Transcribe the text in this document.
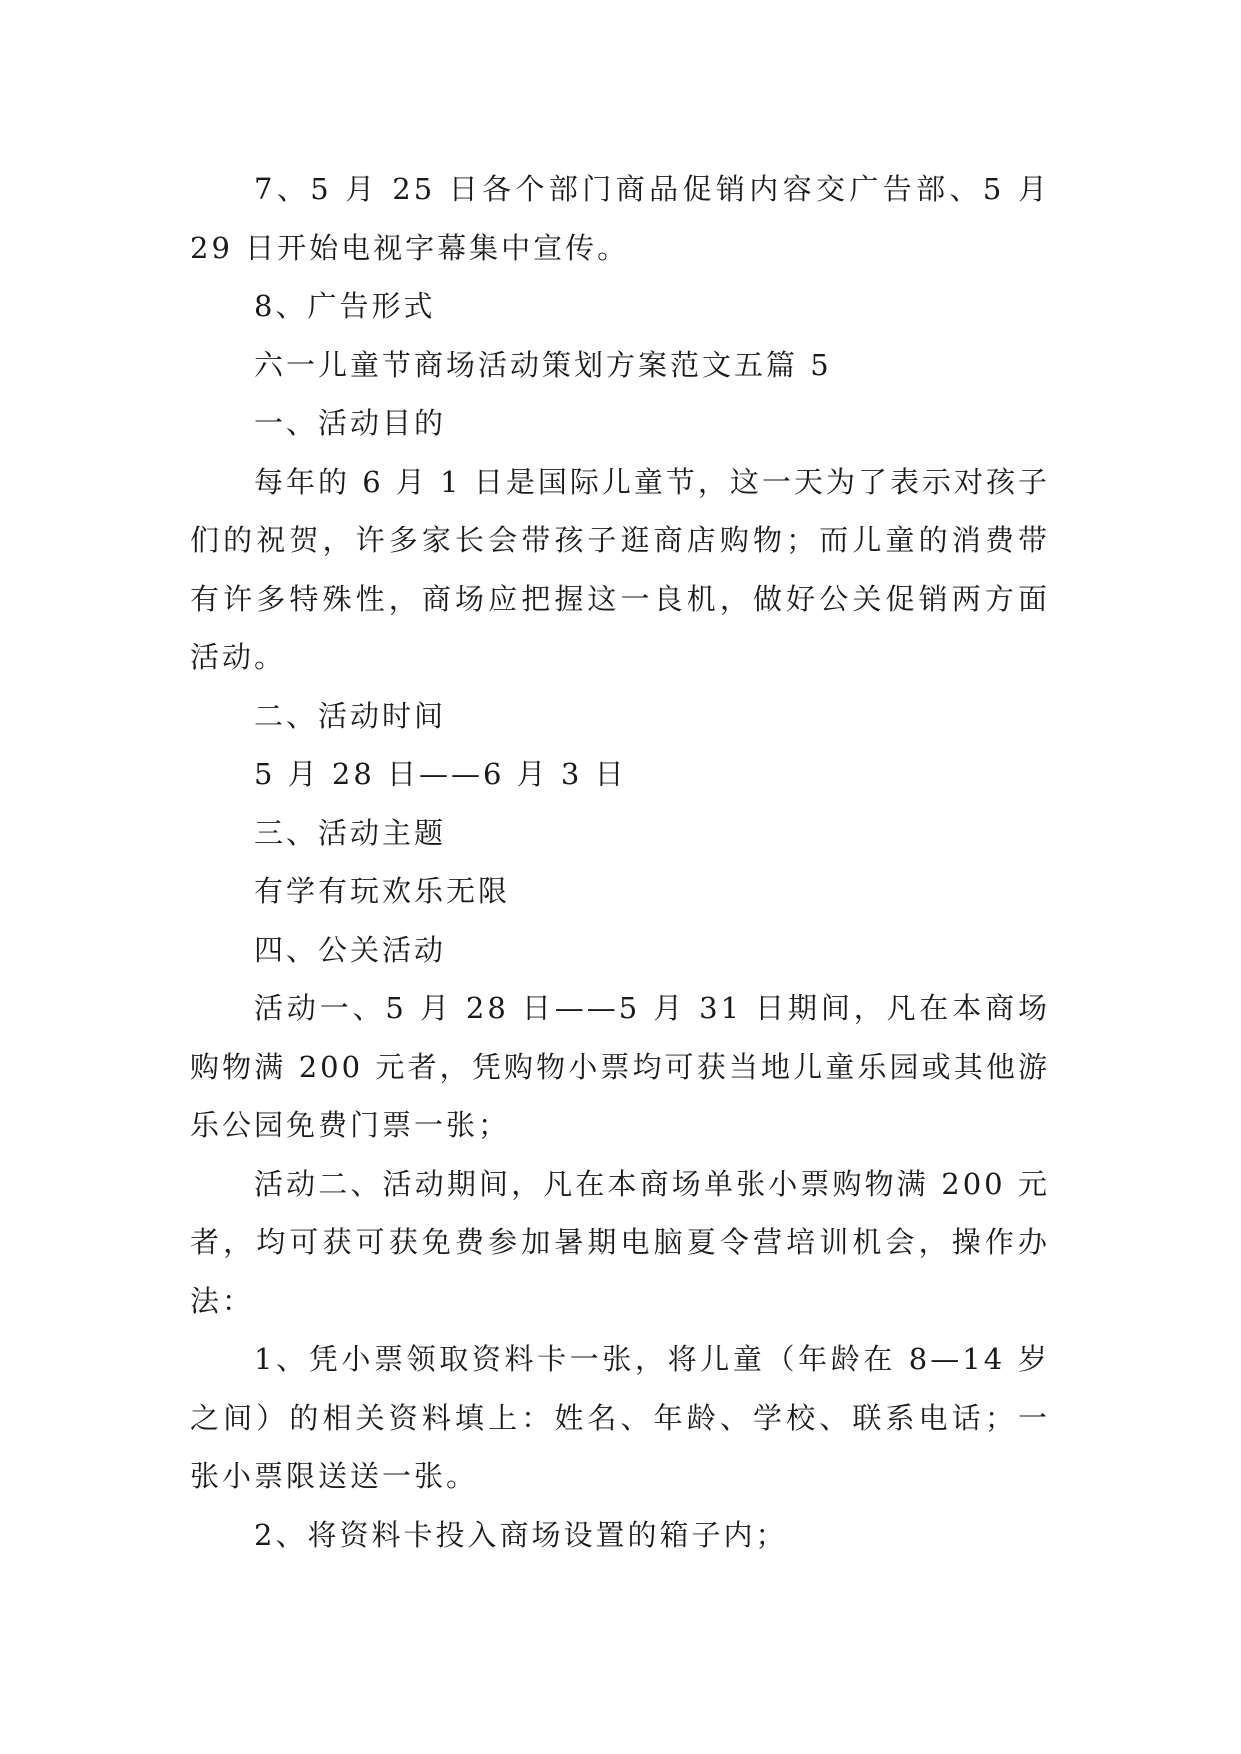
7、5 月 25 日各个部门商品促销内容交广告部、5 月 29 日开始电视字幕集中宣传。

8、广告形式

六一儿童节商场活动策划方案范文五篇 5

一、活动目的

每年的 6 月 1 日是国际儿童节，这一天为了表示对孩子们的祝贺，许多家长会带孩子逛商店购物；而儿童的消费带有许多特殊性，商场应把握这一良机，做好公关促销两方面活动。

二、活动时间

5 月 28 日——6 月 3 日

三、活动主题

有学有玩欢乐无限

四、公关活动

活动一、5 月 28 日——5 月 31 日期间，凡在本商场购物满 200 元者，凭购物小票均可获当地儿童乐园或其他游乐公园免费门票一张；

活动二、活动期间，凡在本商场单张小票购物满 200 元者，均可获可获免费参加暑期电脑夏令营培训机会，操作办法：

1、凭小票领取资料卡一张，将儿童（年龄在 8—14 岁之间）的相关资料填上：姓名、年龄、学校、联系电话；一张小票限送送一张。

2、将资料卡投入商场设置的箱子内；
